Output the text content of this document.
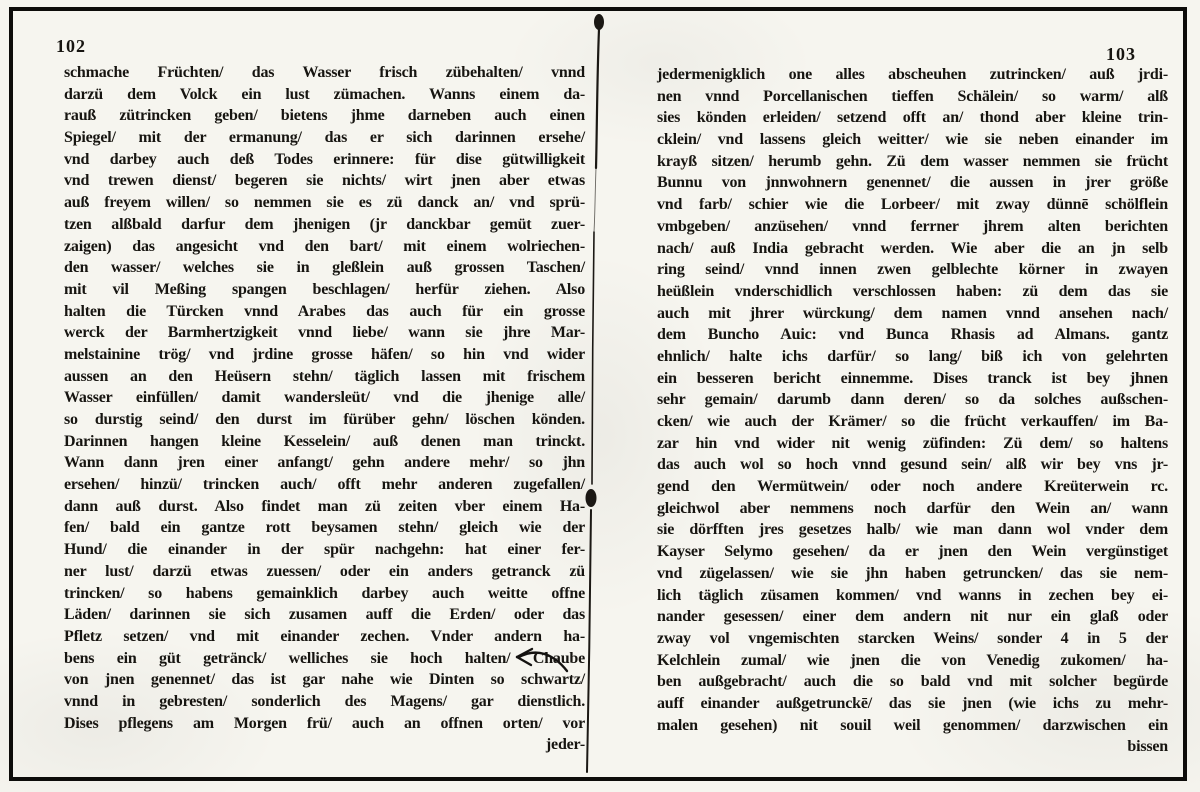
102	103
schmache Früchten/ das Wasser frisch zübehalten/ vnnd
darzü dem Volck ein lust zümachen. Wanns einem da-
rauß zütrincken geben/ bietens jhme darneben auch einen
Spiegel/ mit der ermanung/ das er sich darinnen ersehe/
vnd darbey auch deß Todes erinnere: für dise gütwilligkeit
vnd trewen dienst/ begeren sie nichts/ wirt jnen aber etwas
auß freyem willen/ so nemmen sie es zü danck an/ vnd sprü-
tzen alßbald darfur dem jhenigen (jr danckbar gemüt zuer-
zaigen) das angesicht vnd den bart/ mit einem wolriechen-
den wasser/ welches sie in gleßlein auß grossen Taschen/
mit vil Meßing spangen beschlagen/ herfür ziehen. Also
halten die Türcken vnnd Arabes das auch für ein grosse
werck der Barmhertzigkeit vnnd liebe/ wann sie jhre Mar-
melstainine trög/ vnd jrdine grosse häfen/ so hin vnd wider
aussen an den Heüsern stehn/ täglich lassen mit frischem
Wasser einfüllen/ damit wandersleüt/ vnd die jhenige alle/
so durstig seind/ den durst im fürüber gehn/ löschen könden.
Darinnen hangen kleine Kesselein/ auß denen man trinckt.
Wann dann jren einer anfangt/ gehn andere mehr/ so jhn
ersehen/ hinzü/ trincken auch/ offt mehr anderen zugefallen/
dann auß durst. Also findet man zü zeiten vber einem Ha-
fen/ bald ein gantze rott beysamen stehn/ gleich wie der
Hund/ die einander in der spür nachgehn: hat einer fer-
ner lust/ darzü etwas zuessen/ oder ein anders getranck zü
trincken/ so habens gemainklich darbey auch weitte offne
Läden/ darinnen sie sich zusamen auff die Erden/ oder das
Pfletz setzen/ vnd mit einander zechen. Vnder andern ha-
bens ein güt getränck/ welliches sie hoch halten/ Chaube
von jnen genennet/ das ist gar nahe wie Dinten so schwartz/
vnnd in gebresten/ sonderlich des Magens/ gar dienstlich.
Dises pflegens am Morgen frü/ auch an offnen orten/ vor
jeder-
jedermenigklich one alles abscheuhen zutrincken/ auß jrdi-
nen vnnd Porcellanischen tieffen Schälein/ so warm/ alß
sies könden erleiden/ setzend offt an/ thond aber kleine trin-
cklein/ vnd lassens gleich weitter/ wie sie neben einander im
krayß sitzen/ herumb gehn. Zü dem wasser nemmen sie frücht
Bunnu von jnnwohnern genennet/ die aussen in jrer größe
vnd farb/ schier wie die Lorbeer/ mit zway dünnē schölflein
vmbgeben/ anzüsehen/ vnnd ferrner jhrem alten berichten
nach/ auß India gebracht werden. Wie aber die an jn selb
ring seind/ vnnd innen zwen gelblechte körner in zwayen
heüßlein vnderschidlich verschlossen haben: zü dem das sie
auch mit jhrer würckung/ dem namen vnnd ansehen nach/
dem Buncho Auic: vnd Bunca Rhasis ad Almans. gantz
ehnlich/ halte ichs darfür/ so lang/ biß ich von gelehrten
ein besseren bericht einnemme. Dises tranck ist bey jhnen
sehr gemain/ darumb dann deren/ so da solches außschen-
cken/ wie auch der Krämer/ so die frücht verkauffen/ im Ba-
zar hin vnd wider nit wenig züfinden: Zü dem/ so haltens
das auch wol so hoch vnnd gesund sein/ alß wir bey vns jr-
gend den Wermütwein/ oder noch andere Kreüterwein rc.
gleichwol aber nemmens noch darfür den Wein an/ wann
sie dörfften jres gesetzes halb/ wie man dann wol vnder dem
Kayser Selymo gesehen/ da er jnen den Wein vergünstiget
vnd zügelassen/ wie sie jhn haben getruncken/ das sie nem-
lich täglich züsamen kommen/ vnd wanns in zechen bey ei-
nander gesessen/ einer dem andern nit nur ein glaß oder
zway vol vngemischten starcken Weins/ sonder 4 in 5 der
Kelchlein zumal/ wie jnen die von Venedig zukomen/ ha-
ben außgebracht/ auch die so bald vnd mit solcher begürde
auff einander außgetrunckē/ das sie jnen (wie ichs zu mehr-
malen gesehen) nit souil weil genommen/ darzwischen ein
bissen
